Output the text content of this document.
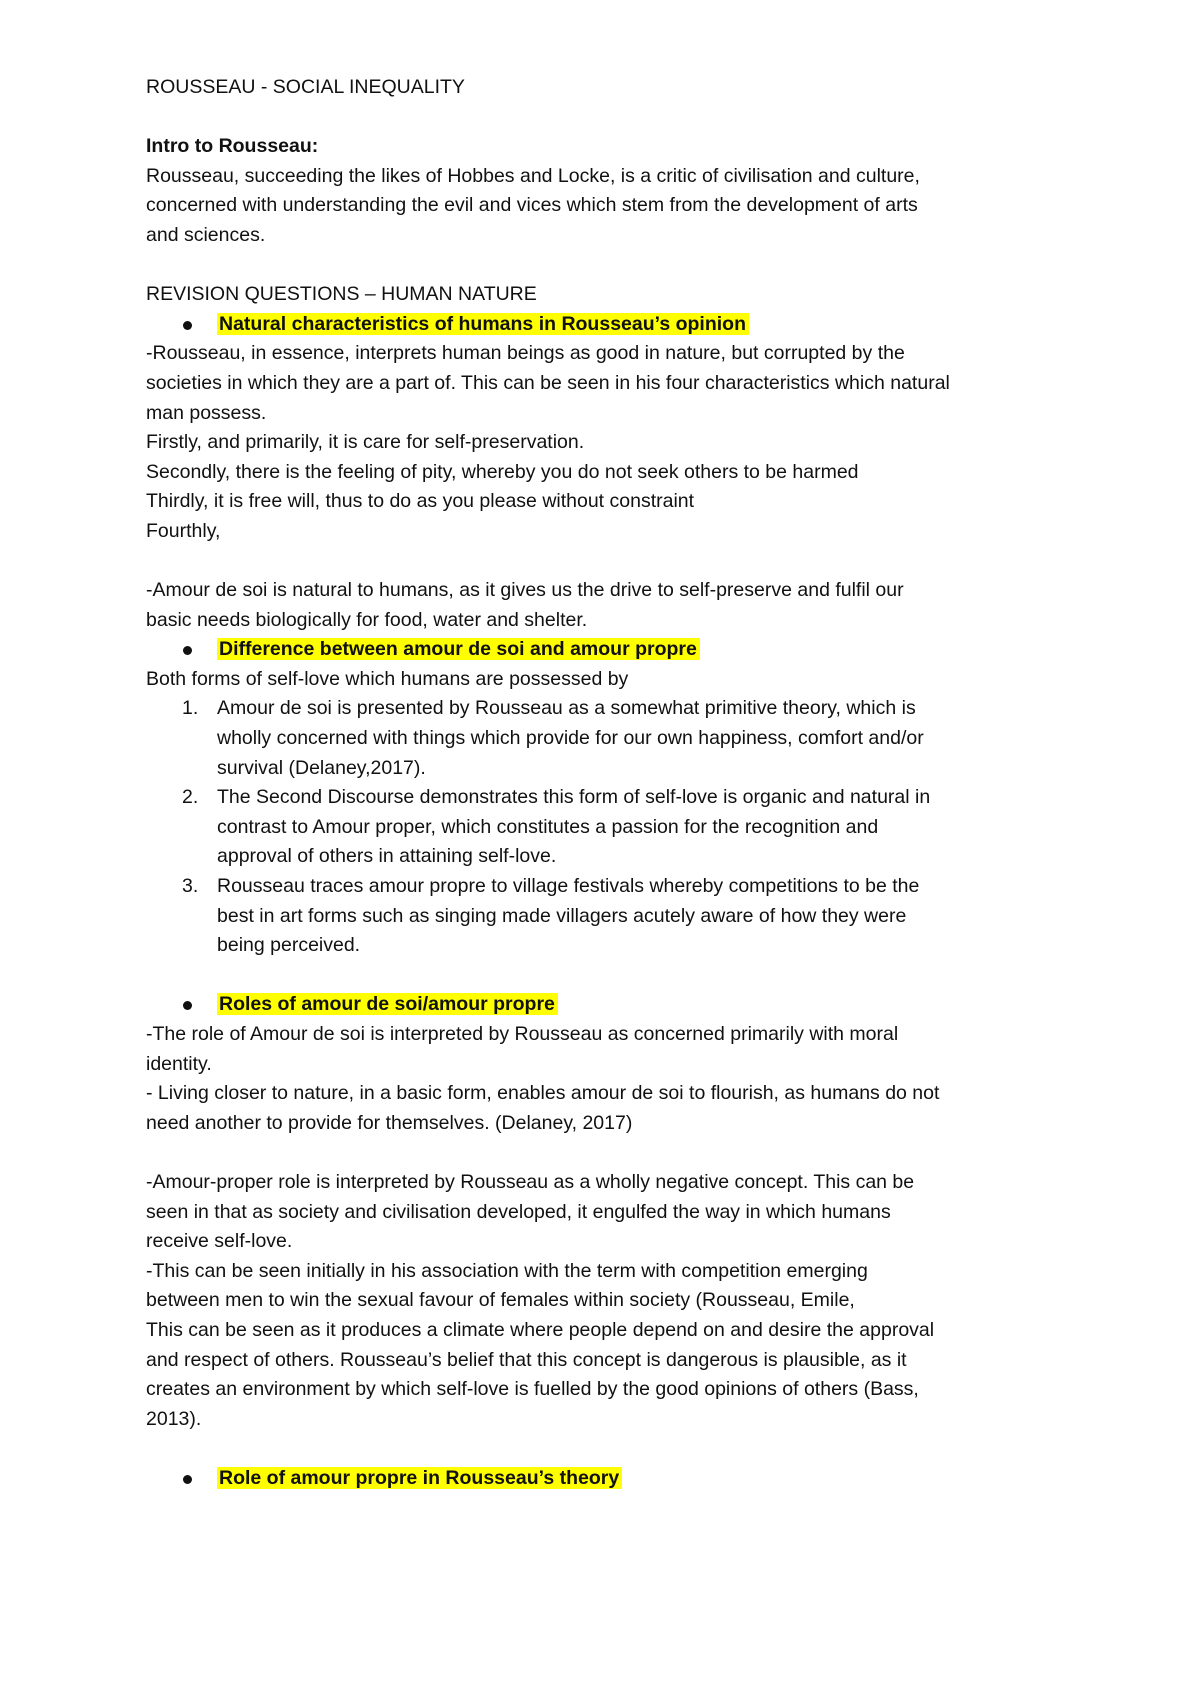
ROUSSEAU - SOCIAL INEQUALITY
Intro to Rousseau:
Rousseau, succeeding the likes of Hobbes and Locke, is a critic of civilisation and culture,
concerned with understanding the evil and vices which stem from the development of arts
and sciences.
REVISION QUESTIONS – HUMAN NATURE
Natural characteristics of humans in Rousseau’s opinion
-Rousseau, in essence, interprets human beings as good in nature, but corrupted by the
societies in which they are a part of. This can be seen in his four characteristics which natural
man possess.
Firstly, and primarily, it is care for self-preservation.
Secondly, there is the feeling of pity, whereby you do not seek others to be harmed
Thirdly, it is free will, thus to do as you please without constraint
Fourthly,
-Amour de soi is natural to humans, as it gives us the drive to self-preserve and fulfil our
basic needs biologically for food, water and shelter.
Difference between amour de soi and amour propre
Both forms of self-love which humans are possessed by
1. Amour de soi is presented by Rousseau as a somewhat primitive theory, which is
wholly concerned with things which provide for our own happiness, comfort and/or
survival (Delaney,2017).
2. The Second Discourse demonstrates this form of self-love is organic and natural in
contrast to Amour proper, which constitutes a passion for the recognition and
approval of others in attaining self-love.
3. Rousseau traces amour propre to village festivals whereby competitions to be the
best in art forms such as singing made villagers acutely aware of how they were
being perceived.
Roles of amour de soi/amour propre
-The role of Amour de soi is interpreted by Rousseau as concerned primarily with moral
identity.
- Living closer to nature, in a basic form, enables amour de soi to flourish, as humans do not
need another to provide for themselves. (Delaney, 2017)
-Amour-proper role is interpreted by Rousseau as a wholly negative concept. This can be
seen in that as society and civilisation developed, it engulfed the way in which humans
receive self-love.
-This can be seen initially in his association with the term with competition emerging
between men to win the sexual favour of females within society (Rousseau, Emile,
This can be seen as it produces a climate where people depend on and desire the approval
and respect of others. Rousseau’s belief that this concept is dangerous is plausible, as it
creates an environment by which self-love is fuelled by the good opinions of others (Bass,
2013).
Role of amour propre in Rousseau’s theory
